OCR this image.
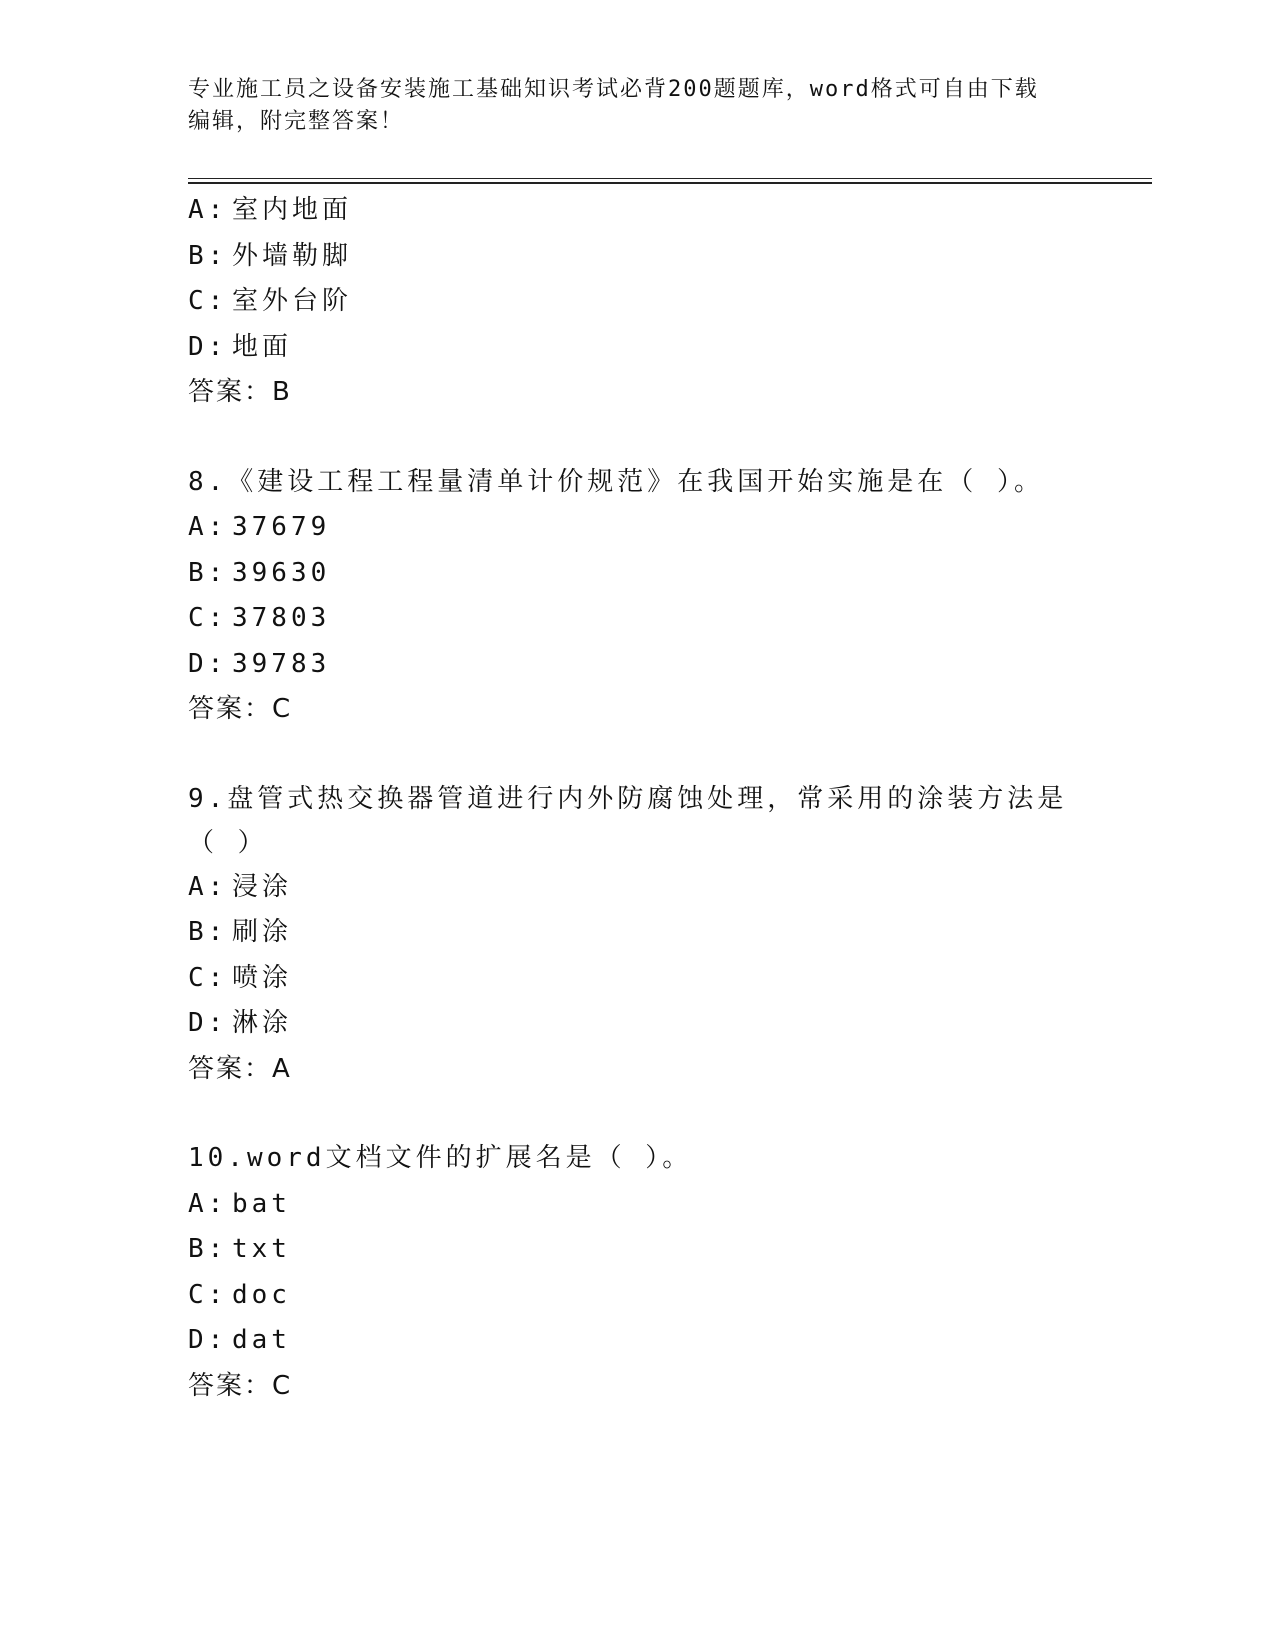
专业施工员之设备安装施工基础知识考试必背200题题库，word格式可自由下载
编辑，附完整答案！
A: 室内地面
B: 外墙勒脚
C: 室外台阶
D: 地面
答案：B
8.《建设工程工程量清单计价规范》在我国开始实施是在（ ）。
A: 37679
B: 39630
C: 37803
D: 39783
答案：C
9.盘管式热交换器管道进行内外防腐蚀处理，常采用的涂装方法是（ ）
A: 浸涂
B: 刷涂
C: 喷涂
D: 淋涂
答案：A
10.word文档文件的扩展名是（ ）。
A: bat
B: txt
C: doc
D: dat
答案：C
